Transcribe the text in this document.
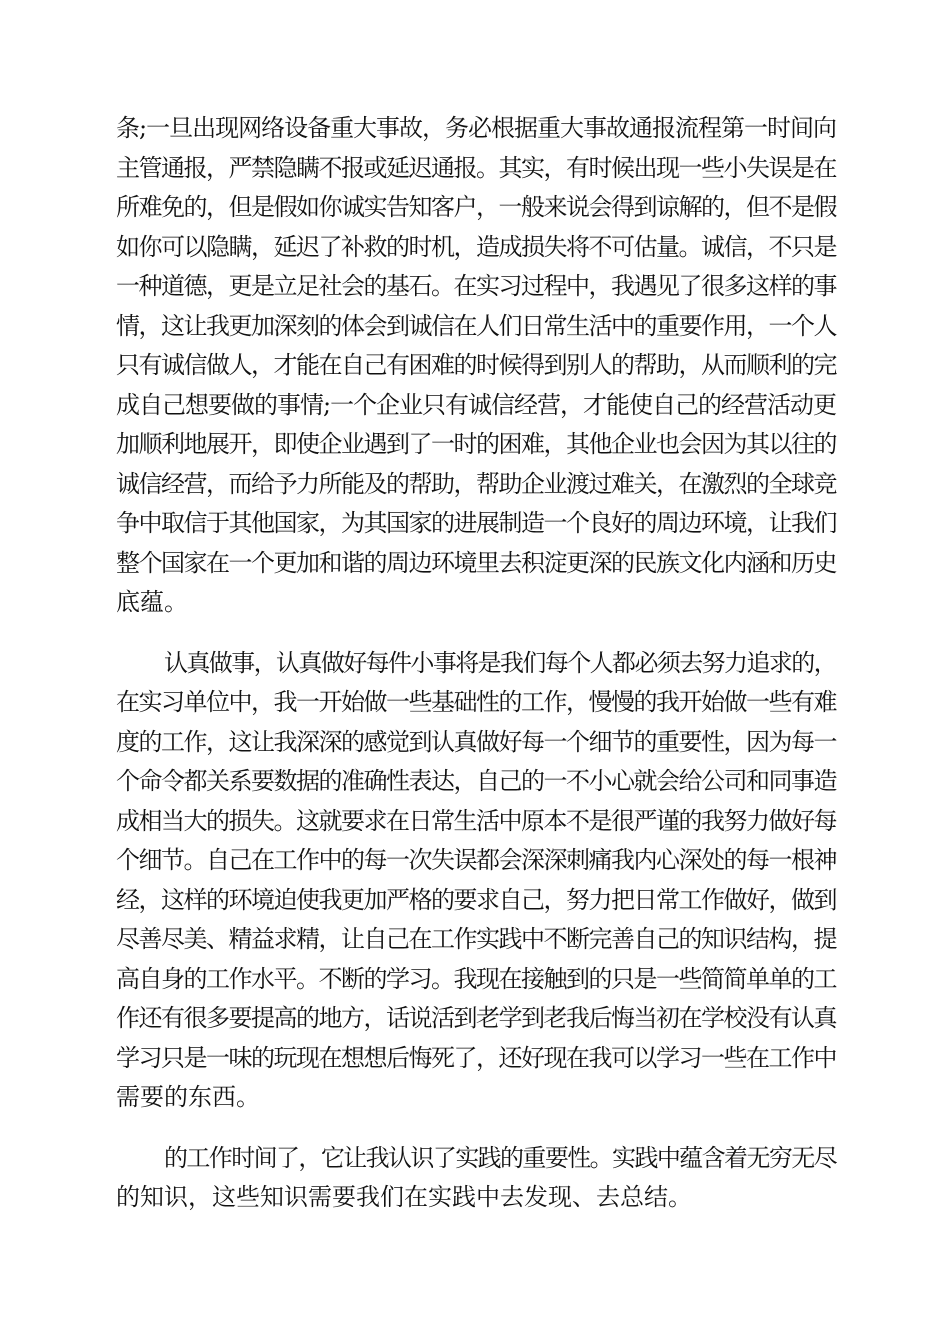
条;一旦出现网络设备重大事故，务必根据重大事故通报流程第一时间向
主管通报，严禁隐瞒不报或延迟通报。其实，有时候出现一些小失误是在
所难免的，但是假如你诚实告知客户，一般来说会得到谅解的，但不是假
如你可以隐瞒，延迟了补救的时机，造成损失将不可估量。诚信，不只是
一种道德，更是立足社会的基石。在实习过程中，我遇见了很多这样的事
情，这让我更加深刻的体会到诚信在人们日常生活中的重要作用，一个人
只有诚信做人，才能在自己有困难的时候得到别人的帮助，从而顺利的完
成自己想要做的事情;一个企业只有诚信经营，才能使自己的经营活动更
加顺利地展开，即使企业遇到了一时的困难，其他企业也会因为其以往的
诚信经营，而给予力所能及的帮助，帮助企业渡过难关，在激烈的全球竞
争中取信于其他国家，为其国家的进展制造一个良好的周边环境，让我们
整个国家在一个更加和谐的周边环境里去积淀更深的民族文化内涵和历史
底蕴。

认真做事，认真做好每件小事将是我们每个人都必须去努力追求的，
在实习单位中，我一开始做一些基础性的工作，慢慢的我开始做一些有难
度的工作，这让我深深的感觉到认真做好每一个细节的重要性，因为每一
个命令都关系要数据的准确性表达，自己的一不小心就会给公司和同事造
成相当大的损失。这就要求在日常生活中原本不是很严谨的我努力做好每
个细节。自己在工作中的每一次失误都会深深刺痛我内心深处的每一根神
经，这样的环境迫使我更加严格的要求自己，努力把日常工作做好，做到
尽善尽美、精益求精，让自己在工作实践中不断完善自己的知识结构，提
高自身的工作水平。不断的学习。我现在接触到的只是一些简简单单的工
作还有很多要提高的地方，话说活到老学到老我后悔当初在学校没有认真
学习只是一味的玩现在想想后悔死了，还好现在我可以学习一些在工作中
需要的东西。

的工作时间了，它让我认识了实践的重要性。实践中蕴含着无穷无尽
的知识，这些知识需要我们在实践中去发现、去总结。
